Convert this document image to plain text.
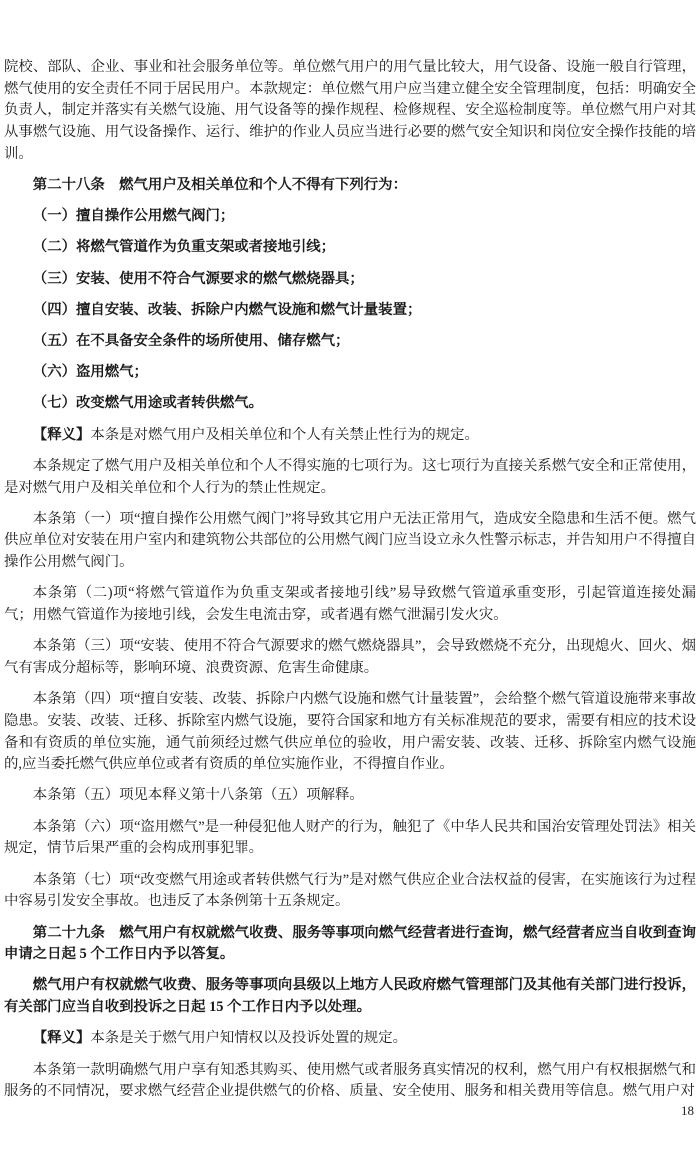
院校、部队、企业、事业和社会服务单位等。单位燃气用户的用气量比较大，用气设备、设施一般自行管理，燃气使用的安全责任不同于居民用户。本款规定：单位燃气用户应当建立健全安全管理制度，包括：明确安全负责人，制定并落实有关燃气设施、用气设备等的操作规程、检修规程、安全巡检制度等。单位燃气用户对其从事燃气设施、用气设备操作、运行、维护的作业人员应当进行必要的燃气安全知识和岗位安全操作技能的培训。

第二十八条　燃气用户及相关单位和个人不得有下列行为：

（一）擅自操作公用燃气阀门；

（二）将燃气管道作为负重支架或者接地引线；

（三）安装、使用不符合气源要求的燃气燃烧器具；

（四）擅自安装、改装、拆除户内燃气设施和燃气计量装置；

（五）在不具备安全条件的场所使用、储存燃气；

（六）盗用燃气；

（七）改变燃气用途或者转供燃气。

【释义】本条是对燃气用户及相关单位和个人有关禁止性行为的规定。

本条规定了燃气用户及相关单位和个人不得实施的七项行为。这七项行为直接关系燃气安全和正常使用，是对燃气用户及相关单位和个人行为的禁止性规定。

本条第（一）项“擅自操作公用燃气阀门”将导致其它用户无法正常用气，造成安全隐患和生活不便。燃气供应单位对安装在用户室内和建筑物公共部位的公用燃气阀门应当设立永久性警示标志，并告知用户不得擅自操作公用燃气阀门。

本条第（二)项“将燃气管道作为负重支架或者接地引线”易导致燃气管道承重变形，引起管道连接处漏气；用燃气管道作为接地引线，会发生电流击穿，或者遇有燃气泄漏引发火灾。

本条第（三）项“安装、使用不符合气源要求的燃气燃烧器具”，会导致燃烧不充分，出现熄火、回火、烟气有害成分超标等，影响环境、浪费资源、危害生命健康。

本条第（四）项“擅自安装、改装、拆除户内燃气设施和燃气计量装置”，会给整个燃气管道设施带来事故隐患。安装、改装、迁移、拆除室内燃气设施，要符合国家和地方有关标准规范的要求，需要有相应的技术设备和有资质的单位实施，通气前须经过燃气供应单位的验收，用户需安装、改装、迁移、拆除室内燃气设施的,应当委托燃气供应单位或者有资质的单位实施作业，不得擅自作业。

本条第（五）项见本释义第十八条第（五）项解释。

本条第（六）项“盗用燃气”是一种侵犯他人财产的行为，触犯了《中华人民共和国治安管理处罚法》相关规定，情节后果严重的会构成刑事犯罪。

本条第（七）项“改变燃气用途或者转供燃气行为”是对燃气供应企业合法权益的侵害，在实施该行为过程中容易引发安全事故。也违反了本条例第十五条规定。

第二十九条　燃气用户有权就燃气收费、服务等事项向燃气经营者进行查询，燃气经营者应当自收到查询申请之日起 5 个工作日内予以答复。

燃气用户有权就燃气收费、服务等事项向县级以上地方人民政府燃气管理部门及其他有关部门进行投诉，有关部门应当自收到投诉之日起 15 个工作日内予以处理。

【释义】本条是关于燃气用户知情权以及投诉处置的规定。

本条第一款明确燃气用户享有知悉其购买、使用燃气或者服务真实情况的权利，燃气用户有权根据燃气和服务的不同情况，要求燃气经营企业提供燃气的价格、质量、安全使用、服务和相关费用等信息。燃气用户对

18
